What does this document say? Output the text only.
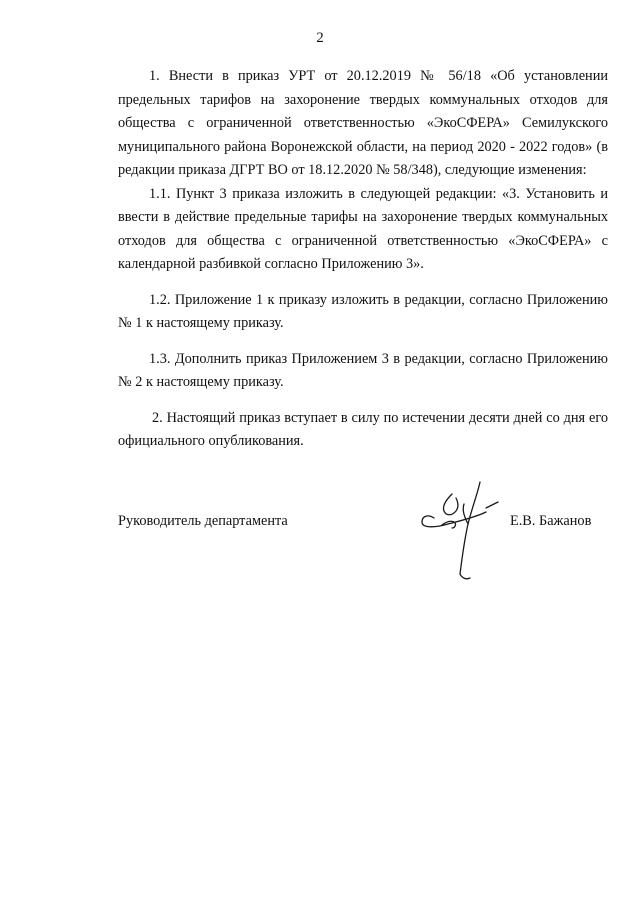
2

1. Внести в приказ УРТ от 20.12.2019 № 56/18 «Об установлении предельных тарифов на захоронение твердых коммунальных отходов для общества с ограниченной ответственностью «ЭкоСФЕРА» Семилукского муниципального района Воронежской области, на период 2020 - 2022 годов» (в редакции приказа ДГРТ ВО от 18.12.2020 № 58/348), следующие изменения:

1.1. Пункт 3 приказа изложить в следующей редакции: «3. Установить и ввести в действие предельные тарифы на захоронение твердых коммунальных отходов для общества с ограниченной ответственностью «ЭкоСФЕРА» с календарной разбивкой согласно Приложению 3».

1.2. Приложение 1 к приказу изложить в редакции, согласно Приложению № 1 к настоящему приказу.

1.3. Дополнить приказ Приложением 3 в редакции, согласно Приложению № 2 к настоящему приказу.

2. Настоящий приказ вступает в силу по истечении десяти дней со дня его официального опубликования.

Руководитель департамента	Е.В. Бажанов
